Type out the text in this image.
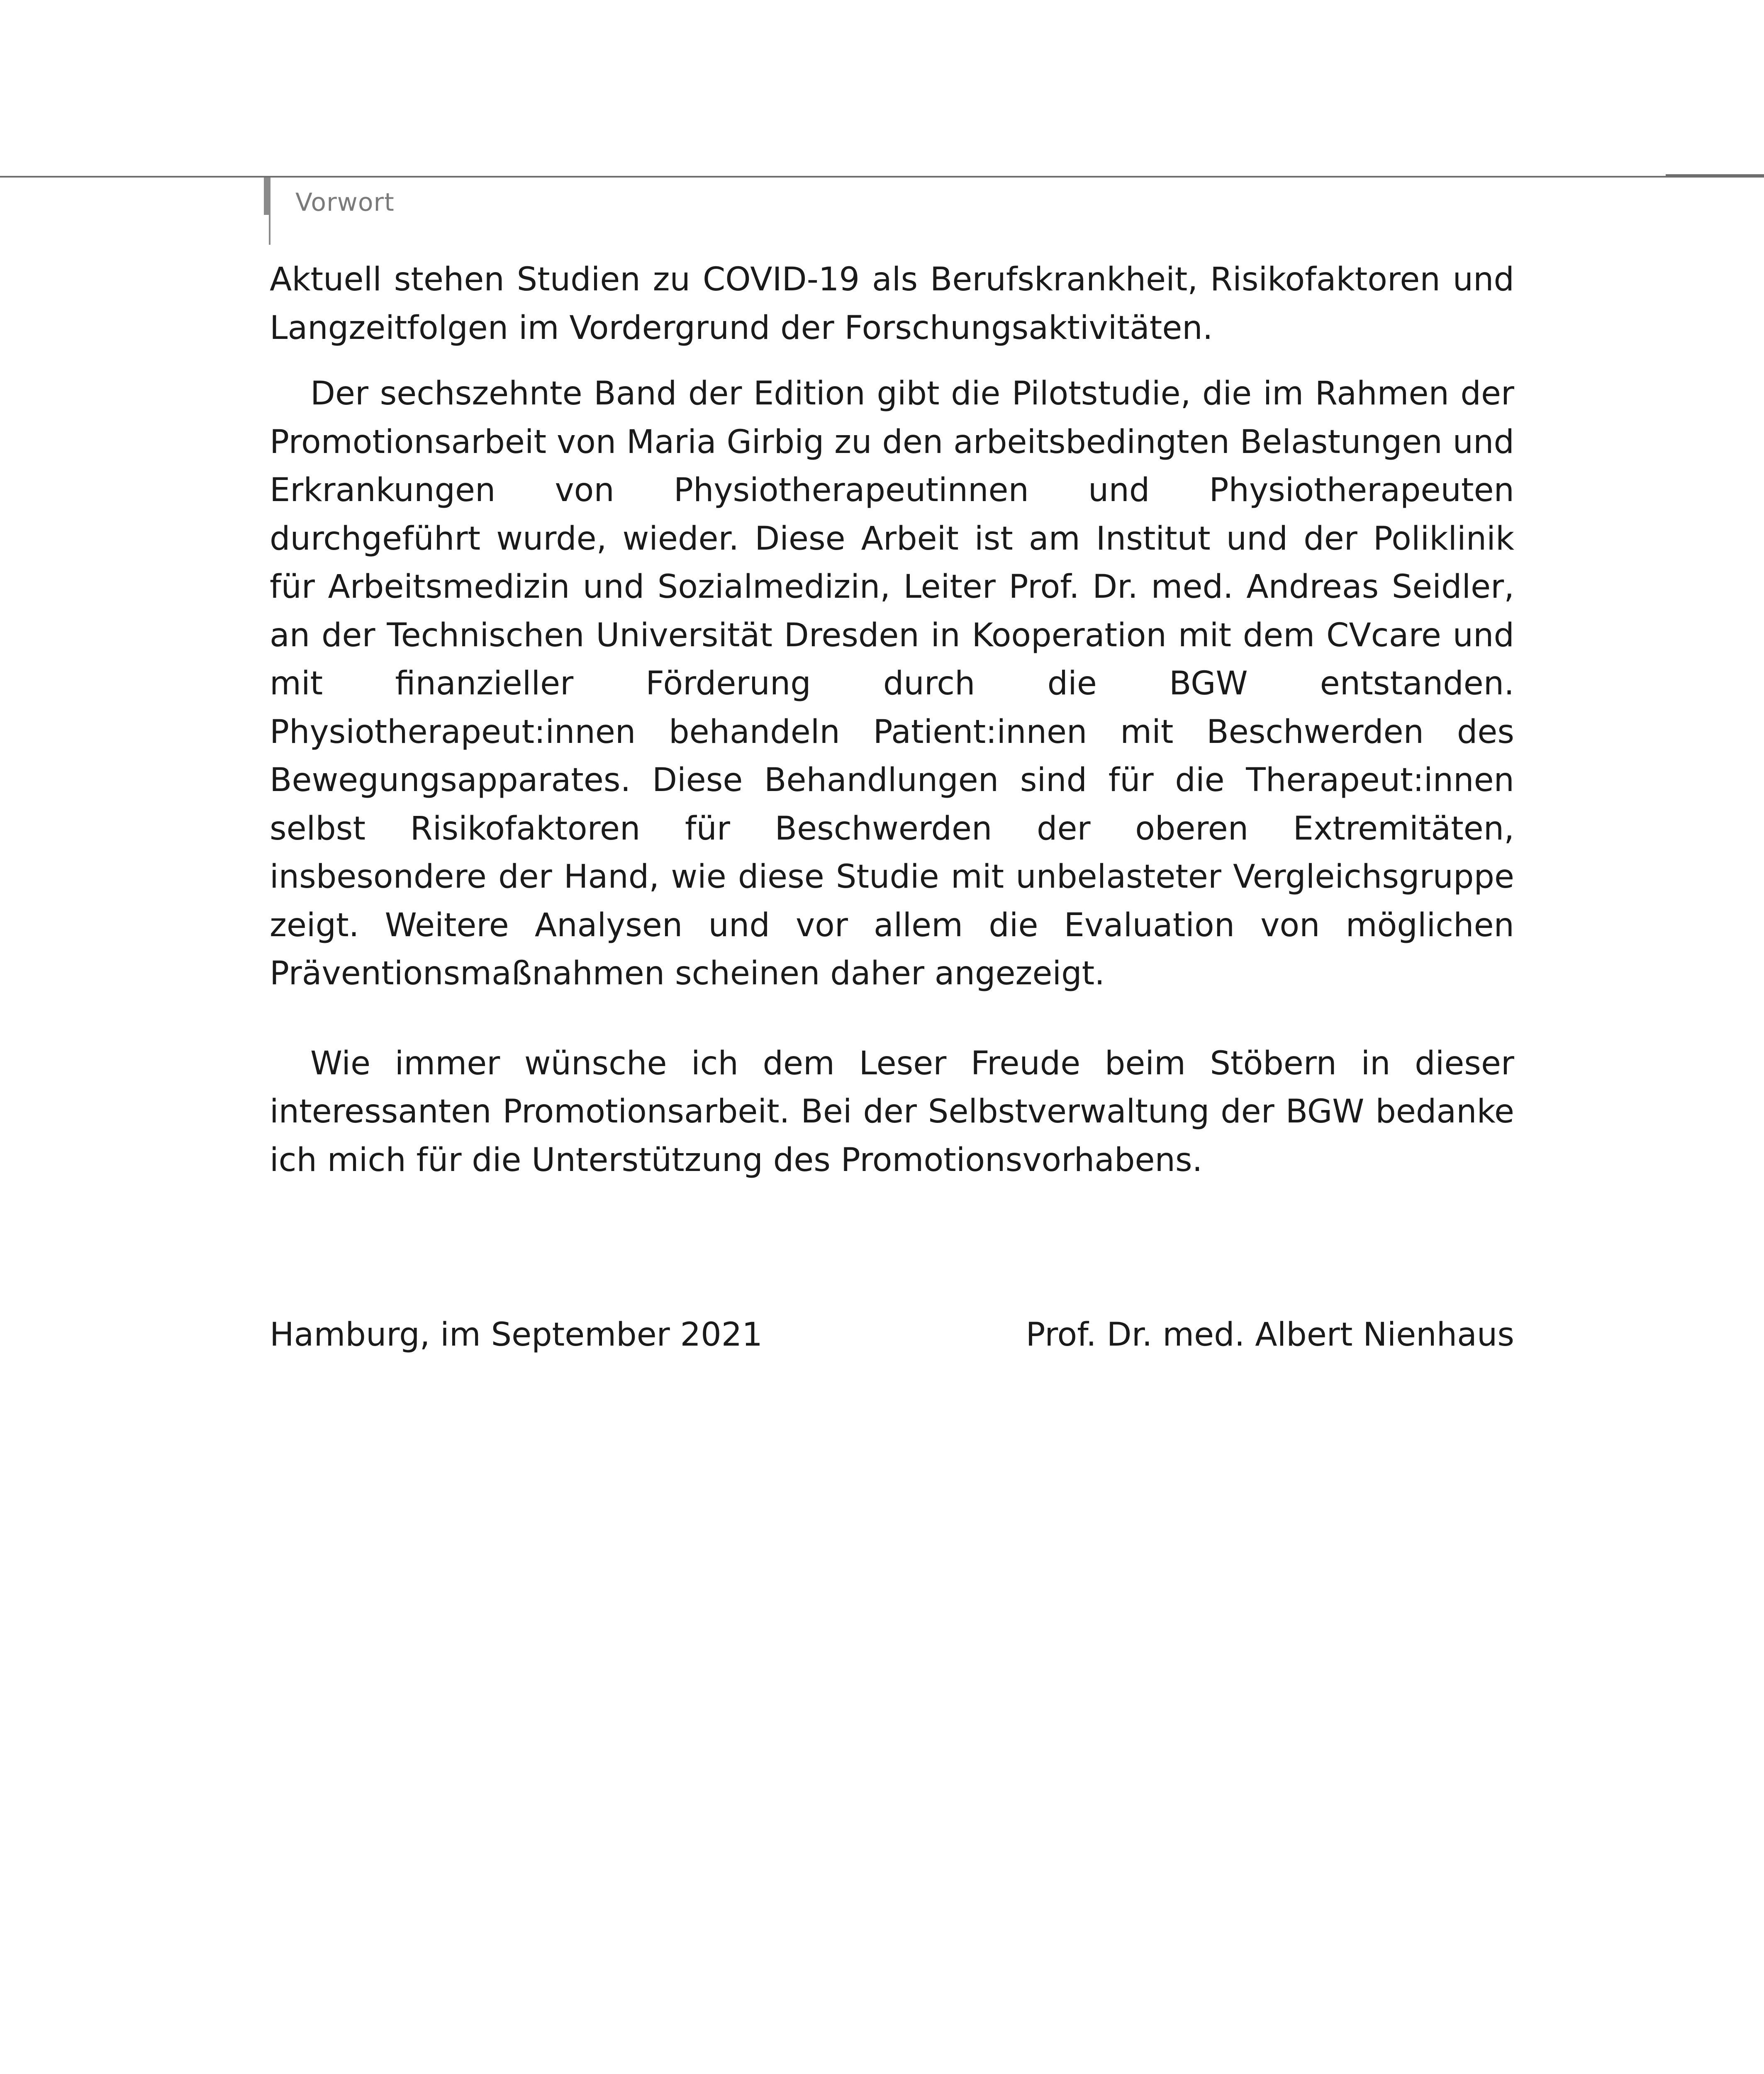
Vorwort

Aktuell stehen Studien zu COVID-19 als Berufskrankheit, Risikofaktoren und Langzeitfolgen im Vordergrund der Forschungsaktivitäten.

Der sechszehnte Band der Edition gibt die Pilotstudie, die im Rahmen der Promotionsarbeit von Maria Girbig zu den arbeitsbedingten Belastungen und Erkrankungen von Physiotherapeutinnen und Physiotherapeuten durchgeführt wurde, wieder. Diese Arbeit ist am Institut und der Poliklinik für Arbeitsmedizin und Sozialmedizin, Leiter Prof. Dr. med. Andreas Seidler, an der Technischen Universität Dresden in Kooperation mit dem CVcare und mit finanzieller Förderung durch die BGW entstanden. Physiotherapeut:innen behandeln Patient:innen mit Beschwerden des Bewegungsapparates. Diese Behandlungen sind für die Therapeut:innen selbst Risikofaktoren für Beschwerden der oberen Extremitäten, insbesondere der Hand, wie diese Studie mit unbelasteter Vergleichsgruppe zeigt. Weitere Analysen und vor allem die Evaluation von möglichen Präventionsmaßnahmen scheinen daher angezeigt.

Wie immer wünsche ich dem Leser Freude beim Stöbern in dieser interessanten Promotionsarbeit. Bei der Selbstverwaltung der BGW bedanke ich mich für die Unterstützung des Promotionsvorhabens.

Hamburg, im September 2021	Prof. Dr. med. Albert Nienhaus
